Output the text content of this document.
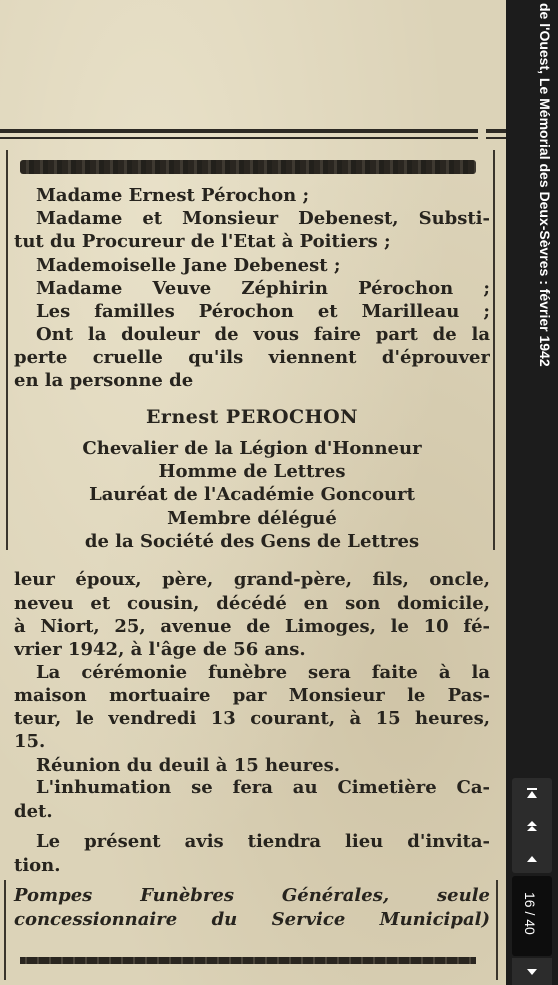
Madame Ernest Pérochon ;
Madame et Monsieur Debenest, Substi-
tut du Procureur de l'Etat à Poitiers ;
Mademoiselle Jane Debenest ;
Madame Veuve Zéphirin Pérochon ;
Les familles Pérochon et Marilleau ;
Ont la douleur de vous faire part de la
perte cruelle qu'ils viennent d'éprouver
en la personne de
Ernest PEROCHON
Chevalier de la Légion d'Honneur
Homme de Lettres
Lauréat de l'Académie Goncourt
Membre délégué
de la Société des Gens de Lettres
leur époux, père, grand-père, fils, oncle,
neveu et cousin, décédé en son domicile,
à Niort, 25, avenue de Limoges, le 10 fé-
vrier 1942, à l'âge de 56 ans.
La cérémonie funèbre sera faite à la
maison mortuaire par Monsieur le Pas-
teur, le vendredi 13 courant, à 15 heures,
15.
Réunion du deuil à 15 heures.
L'inhumation se fera au Cimetière Ca-
det.
Le présent avis tiendra lieu d'invita-
tion.
Pompes Funèbres Générales, seule
concessionnaire du Service Municipal)
de l'Ouest, Le Mémorial des Deux-Sèvres : février 1942
16 / 40
